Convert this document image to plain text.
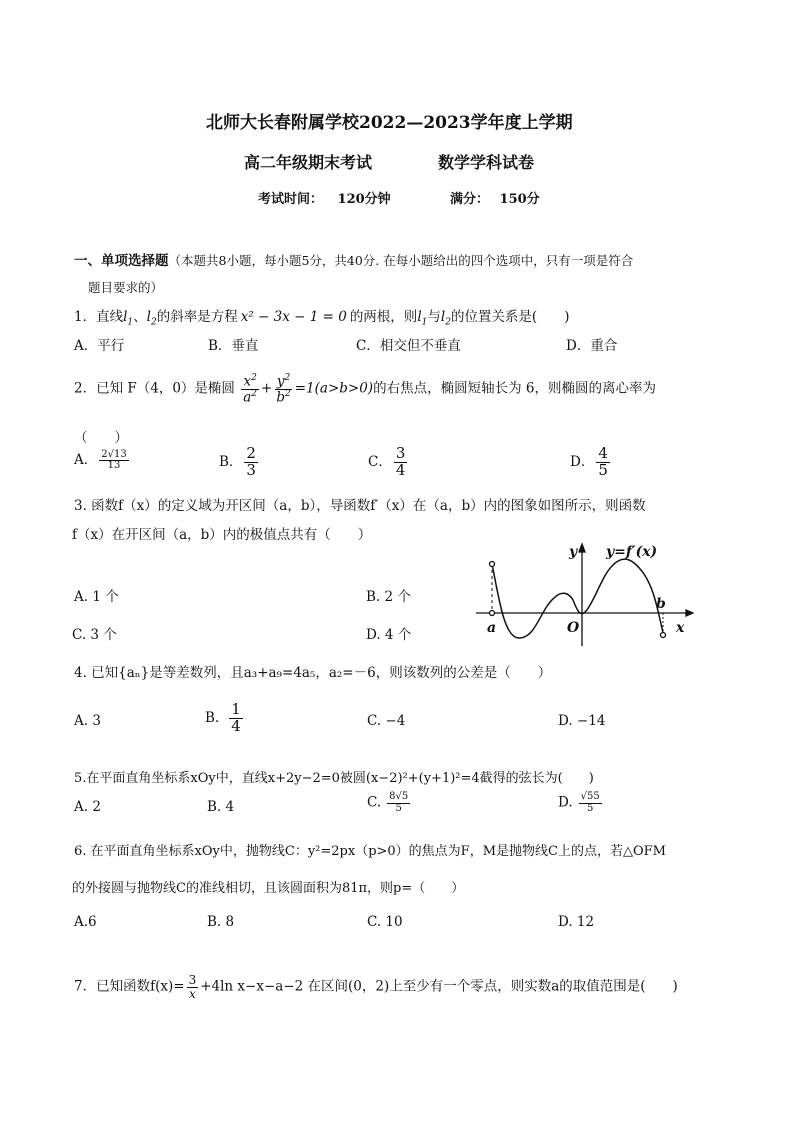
北师大长春附属学校2022—2023学年度上学期
高二年级期末考试	数学学科试卷
考试时间： 120分钟	满分： 150分
一、单项选择题（本题共8小题，每小题5分，共40分. 在每小题给出的四个选项中，只有一项是符合
题目要求的）
1．直线$l_1$、$l_2$的斜率是方程 x² − 3x − 1 = 0 的两根，则$l_1$与$l_2$的位置关系是(　　)
A．平行	B．垂直	C．相交但不垂直	D．重合
2．已知 F（4，0）是椭圆 $\frac{x^2}{a^2} + \frac{y^2}{b^2} =1(a>b>0)$的右焦点，椭圆短轴长为 6，则椭圆的离心率为
（　　）
A． $\frac{2√13}{13}$	B． $\frac{2}{3}$	C． $\frac{3}{4}$	D． $\frac{4}{5}$
3. 函数f（x）的定义域为开区间（a，b），导函数f′（x）在（a，b）内的图象如图所示，则函数
f（x）在开区间（a，b）内的极值点共有（　　）
A. 1 个	B. 2 个
C. 3 个	D. 4 个
y=f′(x)
y
x
O
a
b
4. 已知{aₙ}是等差数列，且a₃+a₉=4a₅，a₂=－6，则该数列的公差是（　　）
A. 3	B. $\frac{1}{4}$	C. −4	D. −14
5.在平面直角坐标系xOy中，直线x+2y−2=0被圆(x−2)²+(y+1)²=4截得的弦长为(　　)
A. 2	B. 4	C. $\frac{8√5}{5}$	D. $\frac{√55}{5}$
6. 在平面直角坐标系xOy中，抛物线C：y²=2px（p>0）的焦点为F，M是抛物线C上的点，若△OFM
的外接圆与抛物线C的准线相切，且该圆面积为81π，则p=（　　）
A.6	B. 8	C. 10	D. 12
7．已知函数$f(x)= \frac{3}{x} +4\ln$ x−x−a−2 在区间(0，2)上至少有一个零点，则实数a的取值范围是(　　)
